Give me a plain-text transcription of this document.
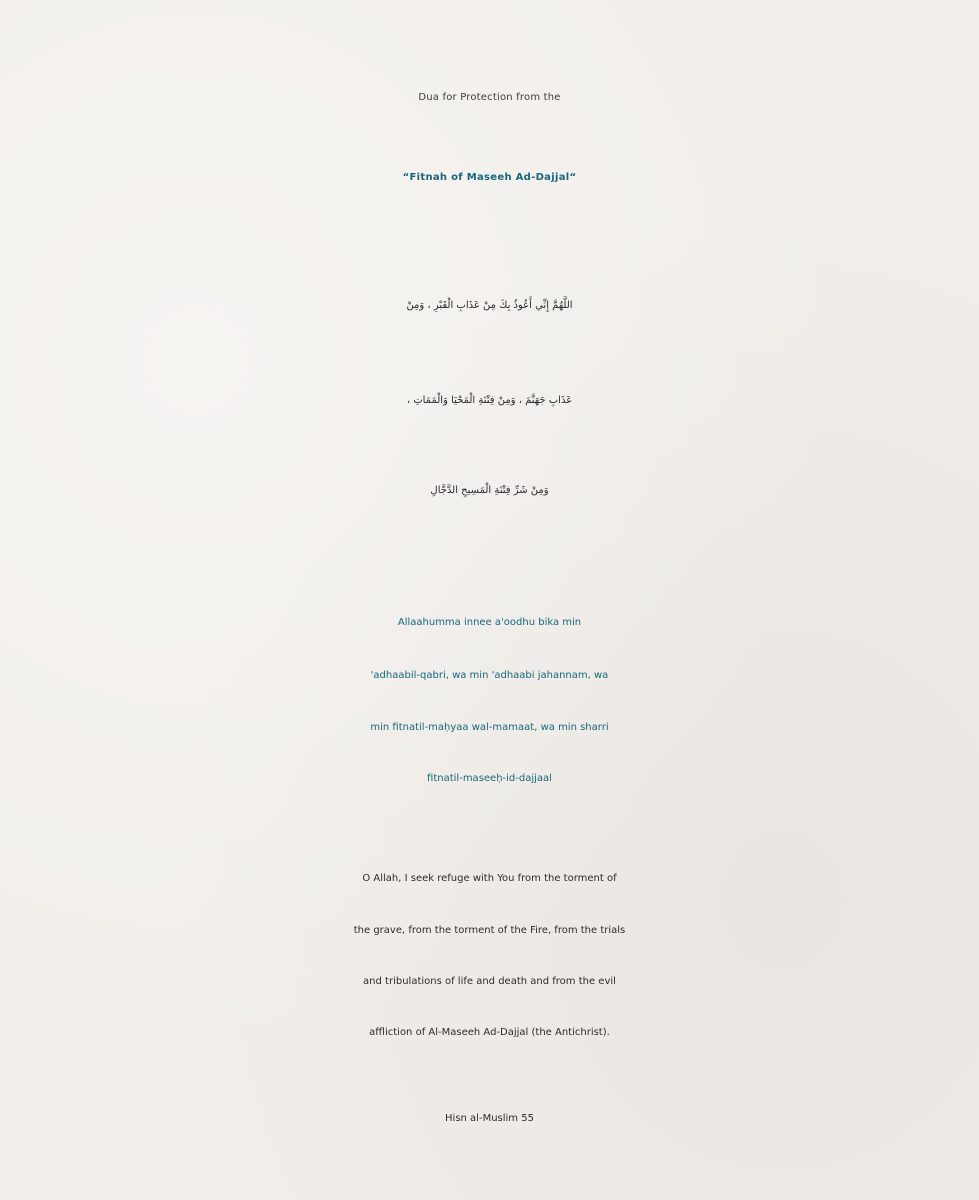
Dua for Protection from the
“Fitnah of Maseeh Ad-Dajjal“
اللَّهُمَّ إِنِّي أَعُوذُ بِكَ مِنْ عَذَابِ الْقَبْرِ ، وَمِنْ
عَذَابِ جَهَنَّمَ ، وَمِنْ فِتْنَةِ الْمَحْيَا وَالْمَمَاتِ ،
وَمِنْ شَرِّ فِتْنَةِ الْمَسِيحِ الدَّجَّالِ
Allaahumma innee a'oodhu bika min
'adhaabil-qabri, wa min 'adhaabi jahannam, wa
min fitnatil-maḥyaa wal-mamaat, wa min sharri
fitnatil-maseeḥ-id-dajjaal
O Allah, I seek refuge with You from the torment of
the grave, from the torment of the Fire, from the trials
and tribulations of life and death and from the evil
affliction of Al-Maseeh Ad-Dajjal (the Antichrist).
Hisn al-Muslim 55
